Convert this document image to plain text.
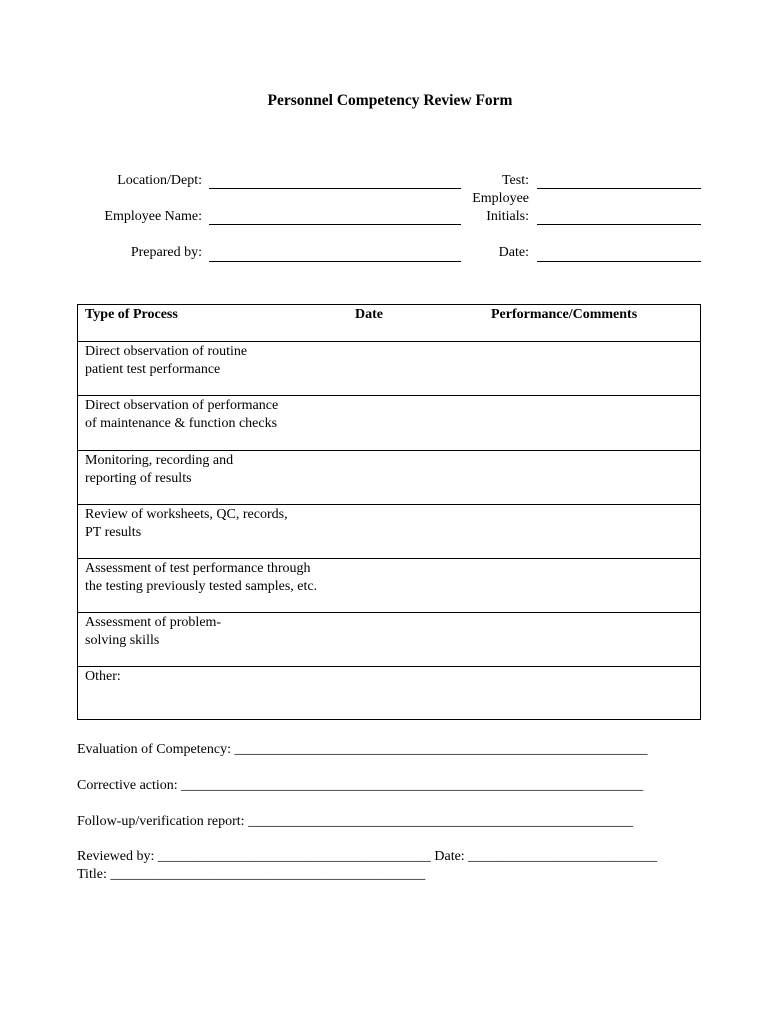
Personnel Competency Review Form
Location/Dept:
Employee Name:
Prepared by:
Test:
Employee
Initials:
Date:
Type of Process	Date	Performance/Comments
Direct observation of routine
patient test performance
Direct observation of performance
of maintenance & function checks
Monitoring, recording and
reporting of results
Review of worksheets, QC, records,
PT results
Assessment of test performance through
the testing previously tested samples, etc.
Assessment of problem-
solving skills
Other:
Evaluation of Competency: ___________________________________________________________
Corrective action: __________________________________________________________________
Follow-up/verification report: _______________________________________________________
Reviewed by: _______________________________________ Date: ___________________________
Title: _____________________________________________
